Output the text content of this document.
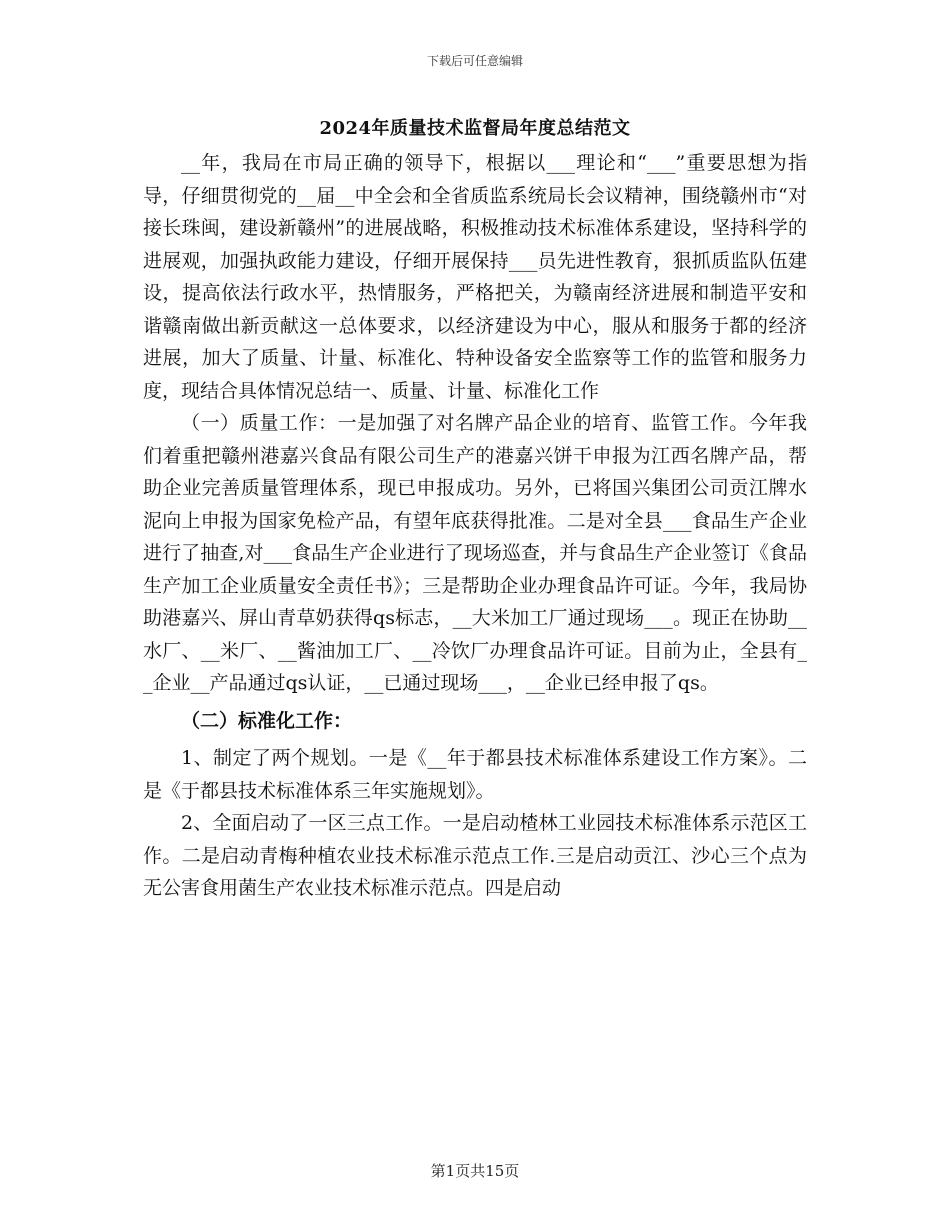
下载后可任意编辑
2024年质量技术监督局年度总结范文

__年，我局在市局正确的领导下，根据以___理论和“___”重要思想为指导，仔细贯彻党的__届__中全会和全省质监系统局长会议精神，围绕赣州市“对接长珠闽，建设新赣州”的进展战略，积极推动技术标准体系建设，坚持科学的进展观，加强执政能力建设，仔细开展保持___员先进性教育，狠抓质监队伍建设，提高依法行政水平，热情服务，严格把关，为赣南经济进展和制造平安和谐赣南做出新贡献这一总体要求，以经济建设为中心，服从和服务于都的经济进展，加大了质量、计量、标准化、特种设备安全监察等工作的监管和服务力度，现结合具体情况总结一、质量、计量、标准化工作

（一）质量工作：一是加强了对名牌产品企业的培育、监管工作。今年我们着重把赣州港嘉兴食品有限公司生产的港嘉兴饼干申报为江西名牌产品，帮助企业完善质量管理体系，现已申报成功。另外，已将国兴集团公司贡江牌水泥向上申报为国家免检产品，有望年底获得批准。二是对全县___食品生产企业进行了抽查,对___食品生产企业进行了现场巡查，并与食品生产企业签订《食品生产加工企业质量安全责任书》；三是帮助企业办理食品许可证。今年，我局协助港嘉兴、屏山青草奶获得qs标志，__大米加工厂通过现场___。现正在协助__水厂、__米厂、__酱油加工厂、__冷饮厂办理食品许可证。目前为止，全县有__企业__产品通过qs认证，__已通过现场___，__企业已经申报了qs。

（二）标准化工作：

1、制定了两个规划。一是《__年于都县技术标准体系建设工作方案》。二是《于都县技术标准体系三年实施规划》。

2、全面启动了一区三点工作。一是启动楂林工业园技术标准体系示范区工作。二是启动青梅种植农业技术标准示范点工作.三是启动贡江、沙心三个点为无公害食用菌生产农业技术标准示范点。四是启动

第1页共15页
